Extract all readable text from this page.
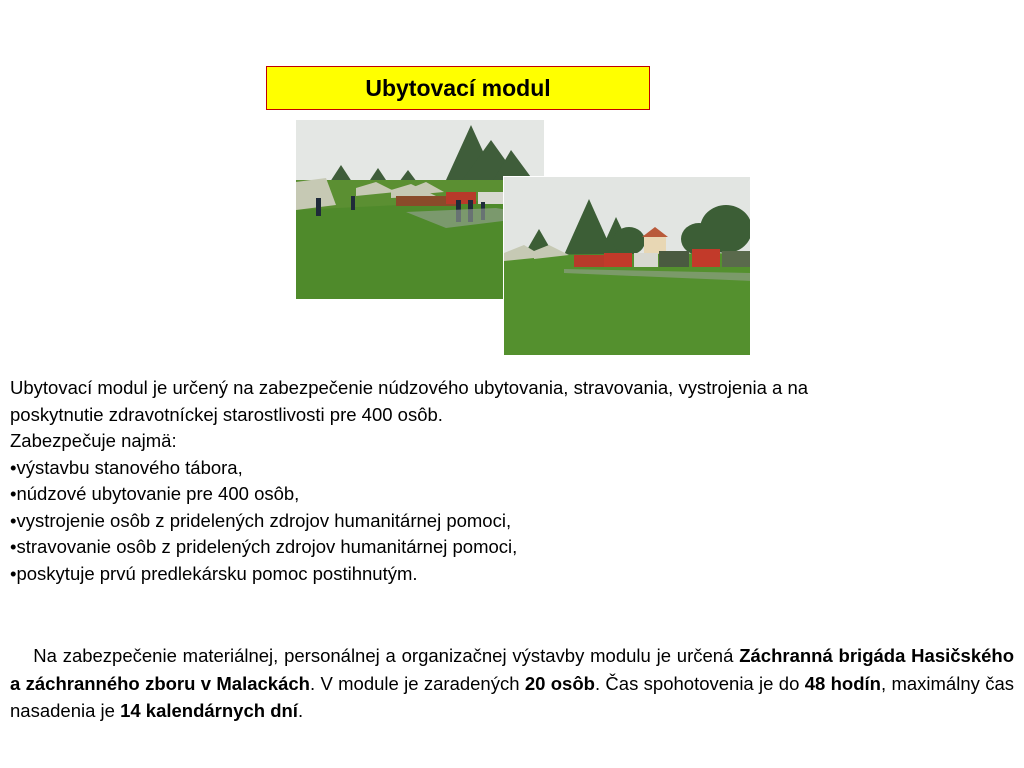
Ubytovací modul

Ubytovací modul je určený na zabezpečenie núdzového ubytovania, stravovania, vystrojenia a na

poskytnutie zdravotníckej starostlivosti pre 400 osôb.

Zabezpečuje najmä:

•výstavbu stanového tábora,

•núdzové ubytovanie pre 400 osôb,

•vystrojenie osôb z pridelených zdrojov humanitárnej pomoci,

•stravovanie osôb z pridelených zdrojov humanitárnej pomoci,

•poskytuje prvú predlekársku pomoc postihnutým.

Na zabezpečenie materiálnej, personálnej a organizačnej výstavby modulu je určená Záchranná brigáda Hasičského a záchranného zboru v Malackách. V module je zaradených 20 osôb. Čas spohotovenia je do 48 hodín, maximálny čas nasadenia je 14 kalendárnych dní.
